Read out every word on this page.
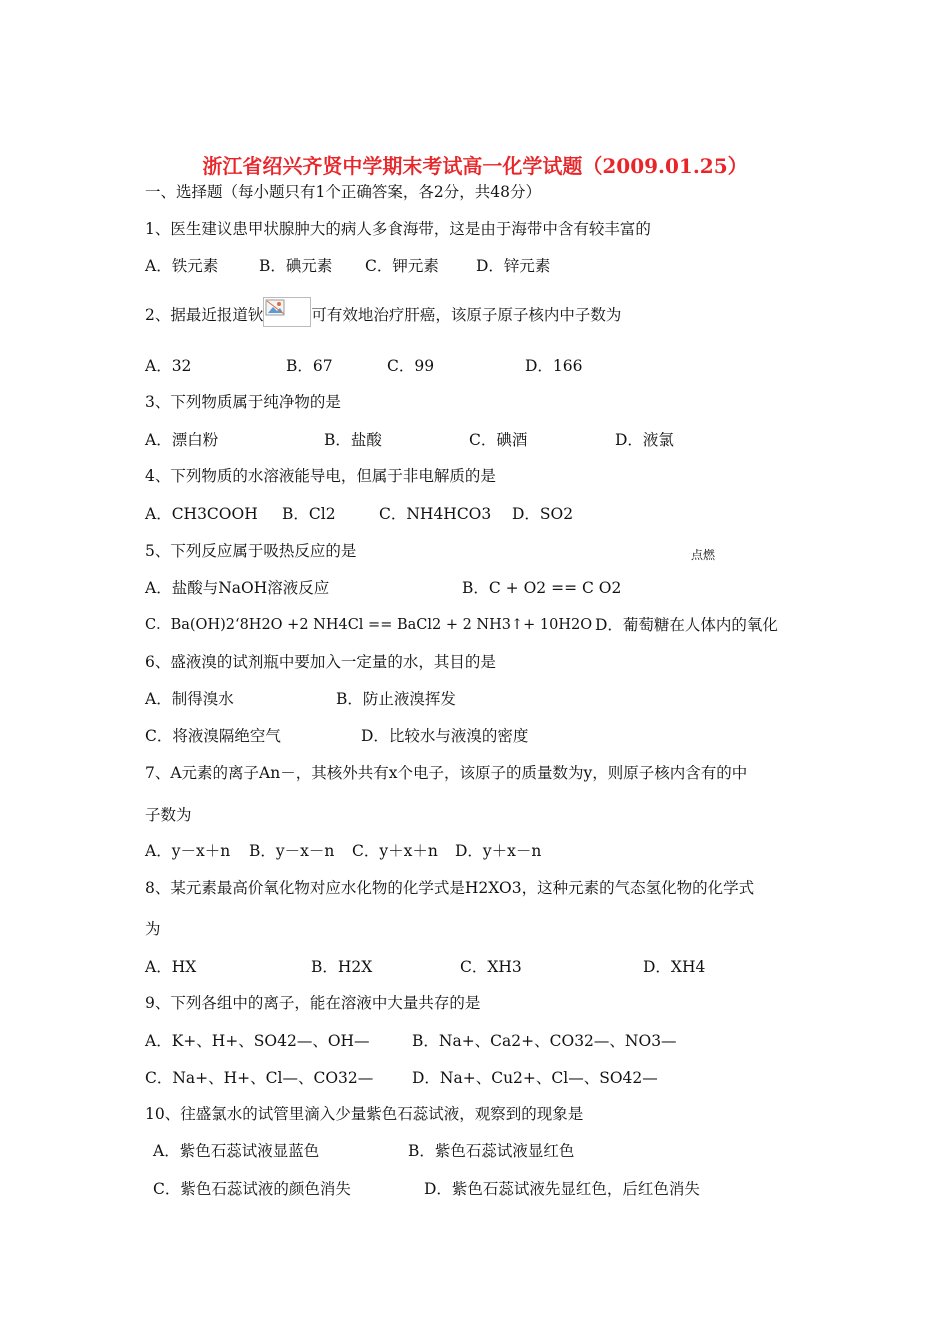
浙江省绍兴齐贤中学期末考试高一化学试题（2009.01.25）
一、选择题（每小题只有1个正确答案，各2分，共48分）
1、医生建议患甲状腺肿大的病人多食海带，这是由于海带中含有较丰富的
A．铁元素	B．碘元素 C．钾元素 D．锌元素
2、据最近报道钬	可有效地治疗肝癌，该原子原子核内中子数为
A．32	B．67	C．99	D．166
3、下列物质属于纯净物的是
A．漂白粉	B．盐酸	C．碘酒	D．液氯
4、下列物质的水溶液能导电，但属于非电解质的是
A．CH3COOH B．Cl2	C．NH4HCO3 D．SO2
5、下列反应属于吸热反应的是	点燃
A．盐酸与NaOH溶液反应	B．C + O2 == C O2
C．Ba(OH)2‘8H2O +2 NH4Cl == BaCl2 + 2 NH3↑+ 10H2O D．葡萄糖在人体内的氧化
6、盛液溴的试剂瓶中要加入一定量的水，其目的是
A．制得溴水	B．防止液溴挥发
C．将液溴隔绝空气	D．比较水与液溴的密度
7、A元素的离子An－，其核外共有x个电子，该原子的质量数为y，则原子核内含有的中
子数为
A．y－x＋n B．y－x－n C．y＋x＋n D．y＋x－n
8、某元素最高价氧化物对应水化物的化学式是H2XO3，这种元素的气态氢化物的化学式
为
A．HX	B．H2X	C．XH3	D．XH4
9、下列各组中的离子，能在溶液中大量共存的是
A．K+、H+、SO42—、OH—	B．Na+、Ca2+、CO32—、NO3—
C．Na+、H+、Cl—、CO32— D．Na+、Cu2+、Cl—、SO42—
10、往盛氯水的试管里滴入少量紫色石蕊试液，观察到的现象是
A．紫色石蕊试液显蓝色	B．紫色石蕊试液显红色
C．紫色石蕊试液的颜色消失	D．紫色石蕊试液先显红色，后红色消失
